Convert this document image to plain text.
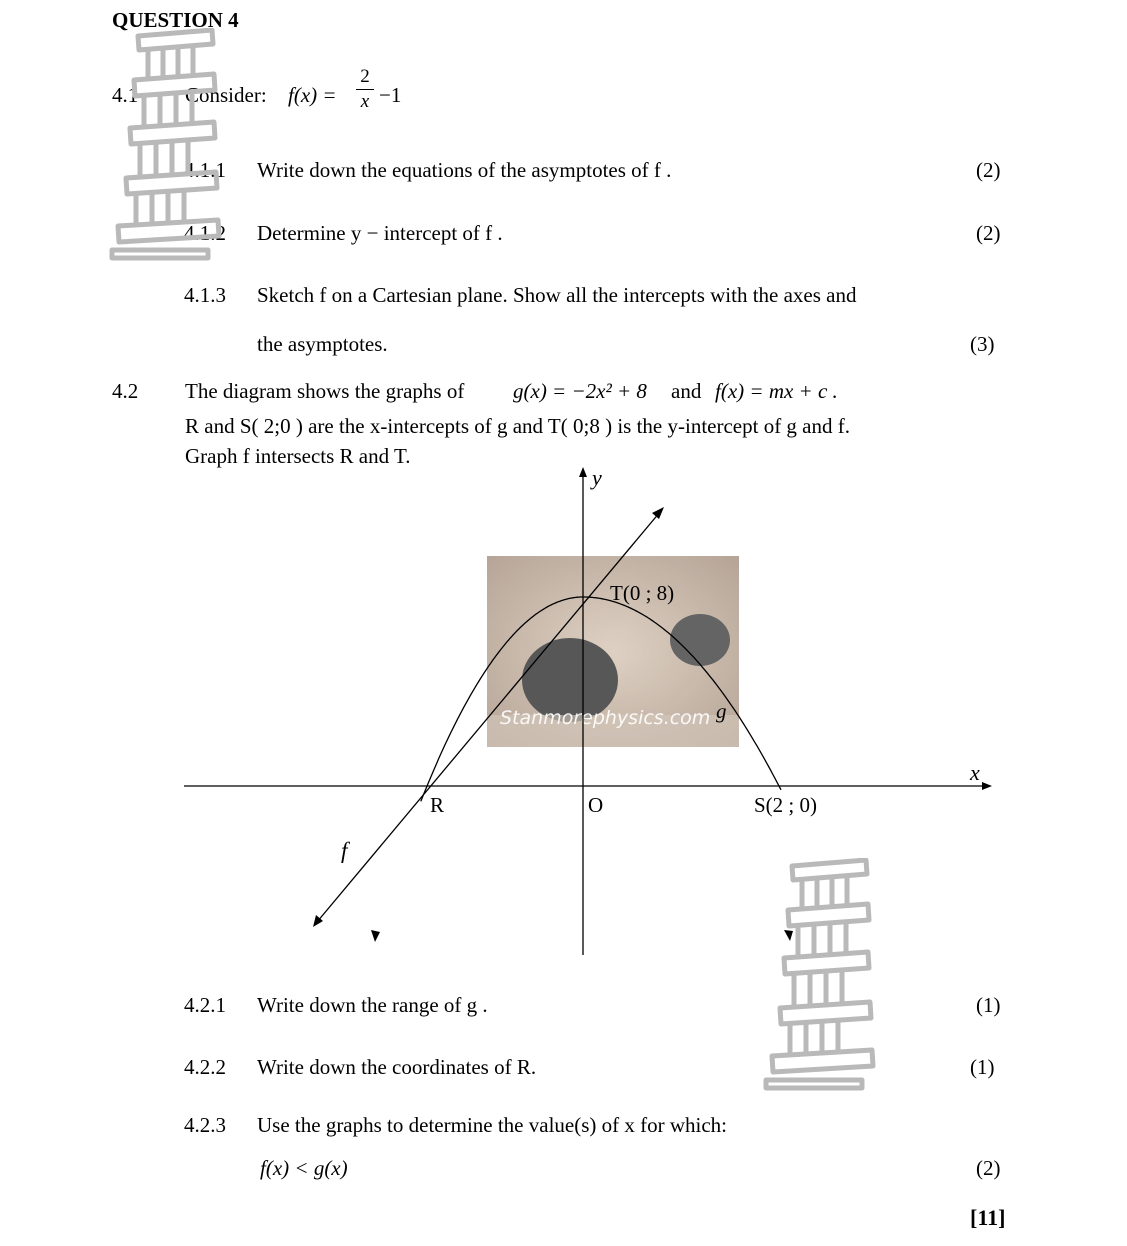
QUESTION 4
4.1 Consider: f(x) =
2
x −1
4.1.1 Write down the equations of the asymptotes of f .	(2)
4.1.2 Determine y − intercept of f .	(2)
4.1.3 Sketch f on a Cartesian plane. Show all the intercepts with the axes and
the asymptotes.	(3)
4.2 The diagram shows the graphs of g(x) = −2x² + 8 and f(x) = mx + c .
R and S( 2;0 ) are the x-intercepts of g and T( 0;8 ) is the y-intercept of g and f.
Graph f intersects R and T.
Stanmorephysics.com
y
x
T(0 ; 8)
R	O	S(2 ; 0)
f
g
4.2.1 Write down the range of g .	(1)
4.2.2 Write down the coordinates of R.	(1)
4.2.3 Use the graphs to determine the value(s) of x for which:
f(x) < g(x)	(2)
[11]
